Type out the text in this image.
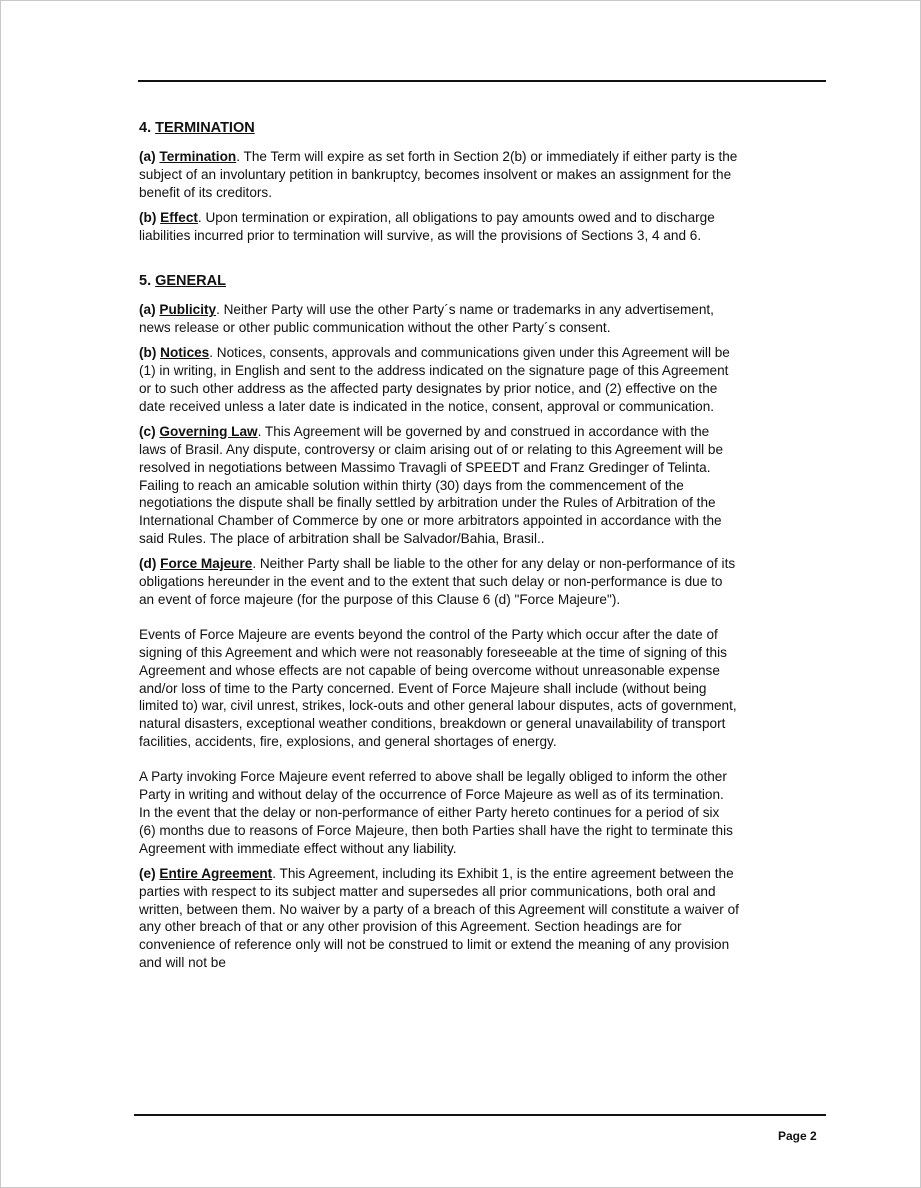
4. TERMINATION

(a) Termination. The Term will expire as set forth in Section 2(b) or immediately if either party is the subject of an involuntary petition in bankruptcy, becomes insolvent or makes an assignment for the benefit of its creditors.

(b) Effect. Upon termination or expiration, all obligations to pay amounts owed and to discharge liabilities incurred prior to termination will survive, as will the provisions of Sections 3, 4 and 6.

5. GENERAL

(a) Publicity. Neither Party will use the other Party´s name or trademarks in any advertisement, news release or other public communication without the other Party´s consent.

(b) Notices. Notices, consents, approvals and communications given under this Agreement will be (1) in writing, in English and sent to the address indicated on the signature page of this Agreement or to such other address as the affected party designates by prior notice, and (2) effective on the date received unless a later date is indicated in the notice, consent, approval or communication.

(c) Governing Law. This Agreement will be governed by and construed in accordance with the laws of Brasil. Any dispute, controversy or claim arising out of or relating to this Agreement will be resolved in negotiations between Massimo Travagli of SPEEDT and Franz Gredinger of Telinta. Failing to reach an amicable solution within thirty (30) days from the commencement of the negotiations the dispute shall be finally settled by arbitration under the Rules of Arbitration of the International Chamber of Commerce by one or more arbitrators appointed in accordance with the said Rules. The place of arbitration shall be Salvador/Bahia, Brasil..

(d) Force Majeure. Neither Party shall be liable to the other for any delay or non-performance of its obligations hereunder in the event and to the extent that such delay or non-performance is due to an event of force majeure (for the purpose of this Clause 6 (d) "Force Majeure").

Events of Force Majeure are events beyond the control of the Party which occur after the date of signing of this Agreement and which were not reasonably foreseeable at the time of signing of this Agreement and whose effects are not capable of being overcome without unreasonable expense and/or loss of time to the Party concerned. Event of Force Majeure shall include (without being limited to) war, civil unrest, strikes, lock-outs and other general labour disputes, acts of government, natural disasters, exceptional weather conditions, breakdown or general unavailability of transport facilities, accidents, fire, explosions, and general shortages of energy.

A Party invoking Force Majeure event referred to above shall be legally obliged to inform the other Party in writing and without delay of the occurrence of Force Majeure as well as of its termination.
In the event that the delay or non-performance of either Party hereto continues for a period of six (6) months due to reasons of Force Majeure, then both Parties shall have the right to terminate this Agreement with immediate effect without any liability.

(e) Entire Agreement. This Agreement, including its Exhibit 1, is the entire agreement between the parties with respect to its subject matter and supersedes all prior communications, both oral and written, between them. No waiver by a party of a breach of this Agreement will constitute a waiver of any other breach of that or any other provision of this Agreement. Section headings are for convenience of reference only will not be construed to limit or extend the meaning of any provision and will not be

Page 2
